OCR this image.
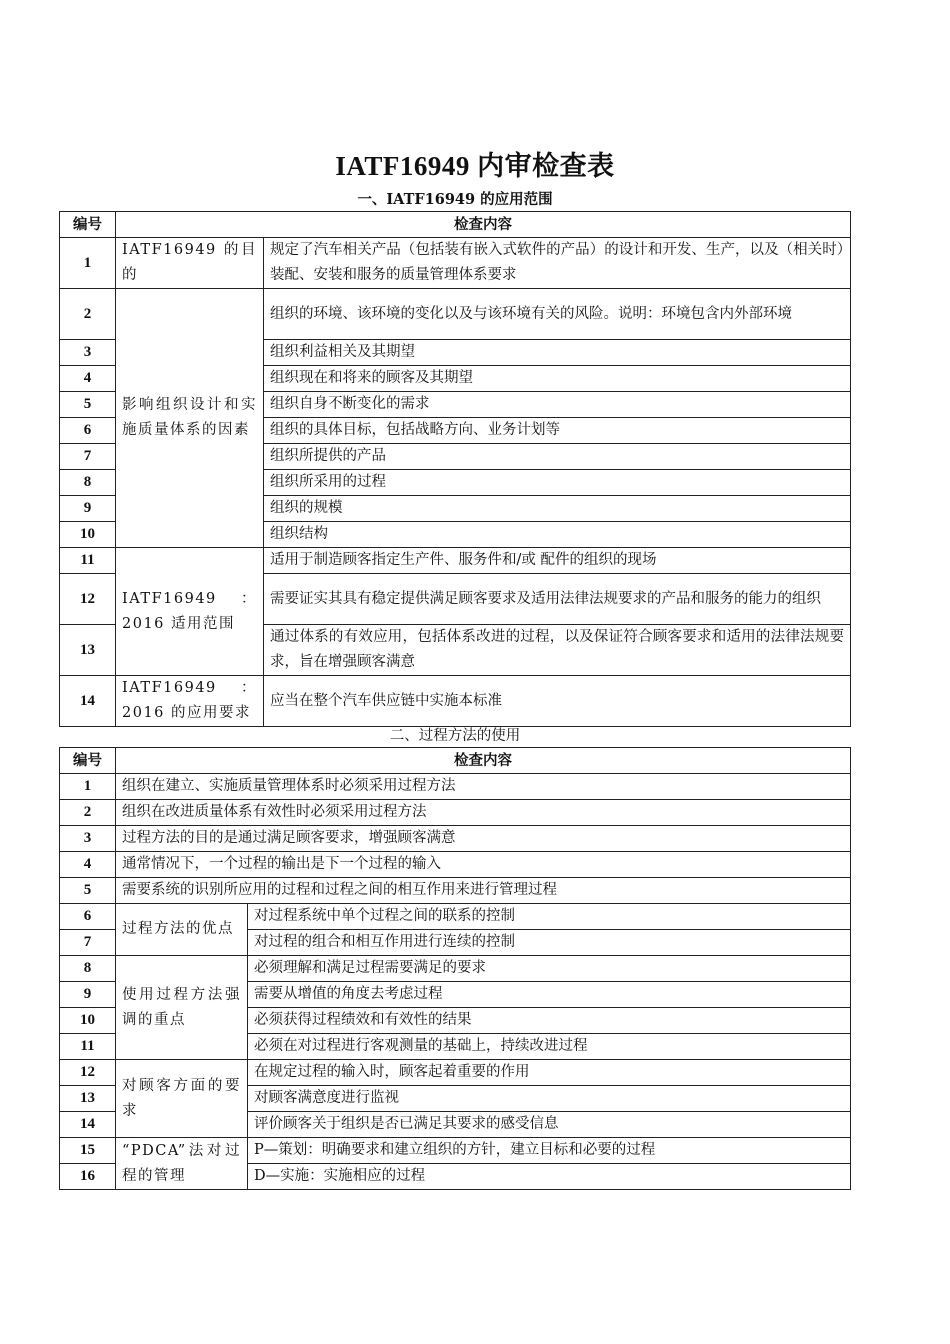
IATF16949 内审检查表
一、IATF16949 的应用范围
编号	检查内容	
1	IATF16949 的目的	规定了汽车相关产品（包括装有嵌入式软件的产品）的设计和开发、生产，以及（相关时）装配、安装和服务的质量管理体系要求
2	影响组织设计和实施质量体系的因素	组织的环境、该环境的变化以及与该环境有关的风险。说明：环境包含内外部环境
3		组织利益相关及其期望
4		组织现在和将来的顾客及其期望
5		组织自身不断变化的需求
6		组织的具体目标，包括战略方向、业务计划等
7		组织所提供的产品
8		组织所采用的过程
9		组织的规模
10		组织结构
11	IATF16949：2016 适用范围	适用于制造顾客指定生产件、服务件和/或 配件的组织的现场
12		需要证实其具有稳定提供满足顾客要求及适用法律法规要求的产品和服务的能力的组织
13		通过体系的有效应用，包括体系改进的过程，以及保证符合顾客要求和适用的法律法规要求，旨在增强顾客满意
14	IATF16949：2016 的应用要求	应当在整个汽车供应链中实施本标准
二、过程方法的使用
编号	检查内容	
1	组织在建立、实施质量管理体系时必须采用过程方法	
2	组织在改进质量体系有效性时必须采用过程方法	
3	过程方法的目的是通过满足顾客要求，增强顾客满意	
4	通常情况下，一个过程的输出是下一个过程的输入	
5	需要系统的识别所应用的过程和过程之间的相互作用来进行管理过程	
6	过程方法的优点	对过程系统中单个过程之间的联系的控制
7		对过程的组合和相互作用进行连续的控制
8	使用过程方法强调的重点	必须理解和满足过程需要满足的要求
9		需要从增值的角度去考虑过程
10		必须获得过程绩效和有效性的结果
11		必须在对过程进行客观测量的基础上，持续改进过程
12	对顾客方面的要求	在规定过程的输入时，顾客起着重要的作用
13		对顾客满意度进行监视
14		评价顾客关于组织是否已满足其要求的感受信息
15	“PDCA”法对过程的管理	P—策划：明确要求和建立组织的方针，建立目标和必要的过程
16		D—实施：实施相应的过程
